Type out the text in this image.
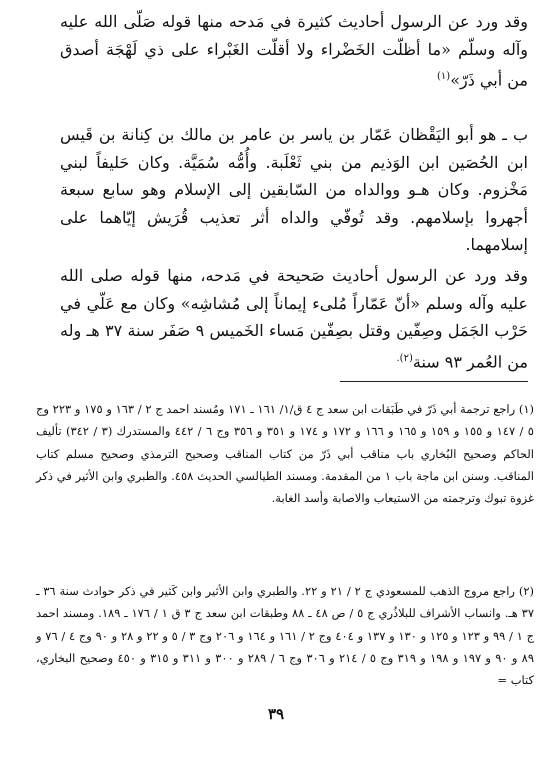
وقد ورد عن الرسول أحاديث كثيرة في مَدحه منها قوله صَلّى الله عليه وآله وسلّم «ما أظلّت الخَضْراء ولا أقلّت الغَبْراء على ذي لَهْجَة أصدق من أبي ذَرّ»$^{(١)}$
ب ـ هو أبو اليَقْظان عَمّار بن ياسر بن عامر بن مالك بن كِنانة بن قَيس ابن الحُصَين ابن الوَذيم من بني ثَعْلَبة. وأُمُّه سُمَيَّة. وكان حَليفاً لبني مَخْزوم. وكان هـو ووالداه من السّابقين إلى الإسلام وهو سابع سبعة أجهروا بإسلامهم. وقد تُوفّي والداه أثر تعذيب قُرَيش إيّاهما على إسلامهما.
وقد ورد عن الرسول أحاديث صَحيحة في مَدحه، منها قوله صلى الله عليه وآله وسلم «أنّ عَمّاراً مُلىء إيماناً إلى مُشاشِه» وكان مع عَلّي في حَرْب الجَمَل وصِفّين وقتل بصِفّين مَساء الخَميس ٩ صَفَر سنة ٣٧ هـ وله من العُمر ٩٣ سنة$^{(٢).}$
(١) راجع ترجمة أبي ذَرّ في طَبَقات ابن سعد ج ٤ ق/١/ ١٦١ ـ ١٧١ ومُسند احمد ج ٢ / ١٦٣ و ١٧٥ و ٢٢٣ وج ٥ / ١٤٧ و ١٥٥ و ١٥٩ و ١٦٥ و ١٦٦ و ١٧٢ و ١٧٤ و ٣٥١ و ٣٥٦ وج ٦ / ٤٤٢ والمستدرك (٣ / ٣٤٢) تأليف الحاكم وصحيح البُخاري باب مناقب أبي ذَرّ من كتاب المناقب وصحيح الترمذي وصحيح مسلم كتاب المناقب. وسنن ابن ماجة باب ١ من المقدمة. ومسند الطيالسي الحديث ٤٥٨. والطبري وابن الأثير في ذكر غزوة تبوك وترجمته من الاستيعاب والاصابة وأسد الغابة.
(٢) راجع مروج الذهب للمسعودي ج ٢ / ٢١ و ٢٢. والطبري وابن الأثير وابن كَثير في ذكر حوادث سنة ٣٦ ـ ٣٧ هـ. وانساب الأشراف للبلاذُري ج ٥ / ص ٤٨ ـ ٨٨ وطبقات ابن سعد ج ٣ ق ١ / ١٧٦ ـ ١٨٩. ومسند احمد ج ١ / ٩٩ و ١٢٣ و ١٢٥ و ١٣٠ و ١٣٧ و ٤٠٤ وج ٢ / ١٦١ و ١٦٤ و ٢٠٦ وج ٣ / ٥ و ٢٢ و ٢٨ و ٩٠ وج ٤ / ٧٦ و ٨٩ و ٩٠ و ١٩٧ و ١٩٨ و ٣١٩ وج ٥ / ٢١٤ و ٣٠٦ وج ٦ / ٢٨٩ و ٣٠٠ و ٣١١ و ٣١٥ و ٤٥٠ وصحيح البخاري، كتاب =
٣٩
